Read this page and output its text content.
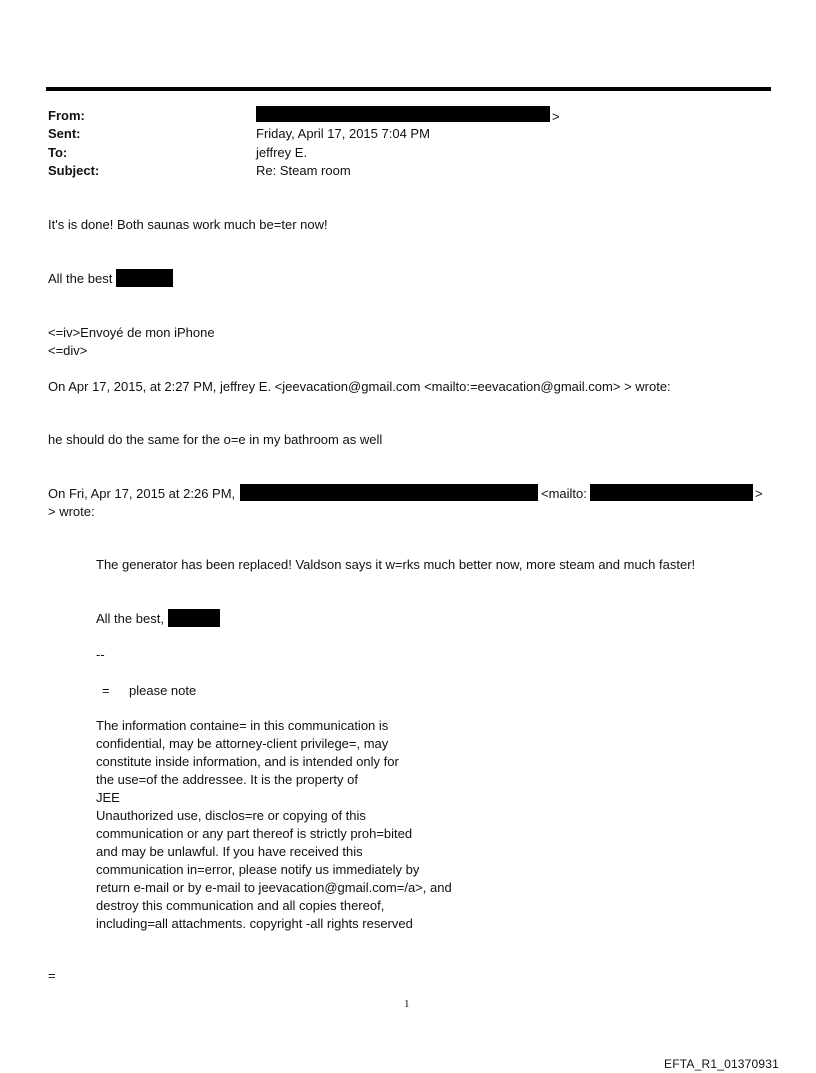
From:	>
Sent:	Friday, April 17, 2015 7:04 PM
To:	jeffrey E.
Subject:	Re: Steam room
It's is done! Both saunas work much be=ter now!
All the best
<=iv>Envoyé de mon iPhone
<=div>
On Apr 17, 2015, at 2:27 PM, jeffrey E. <jeevacation@gmail.com <mailto:=eevacation@gmail.com> > wrote:
he should do the same for the o=e in my bathroom as well
On Fri, Apr 17, 2015 at 2:26 PM,	<mailto:	>
> wrote:
The generator has been replaced! Valdson says it w=rks much better now, more steam and much faster!
All the best,
--
= please note
The information containe= in this communication is
confidential, may be attorney-client privilege=, may
constitute inside information, and is intended only for
the use=of the addressee. It is the property of
JEE
Unauthorized use, disclos=re or copying of this
communication or any part thereof is strictly proh=bited
and may be unlawful. If you have received this
communication in=error, please notify us immediately by
return e-mail or by e-mail to jeevacation@gmail.com=/a>, and
destroy this communication and all copies thereof,
including=all attachments. copyright -all rights reserved
=
1
EFTA_R1_01370931
